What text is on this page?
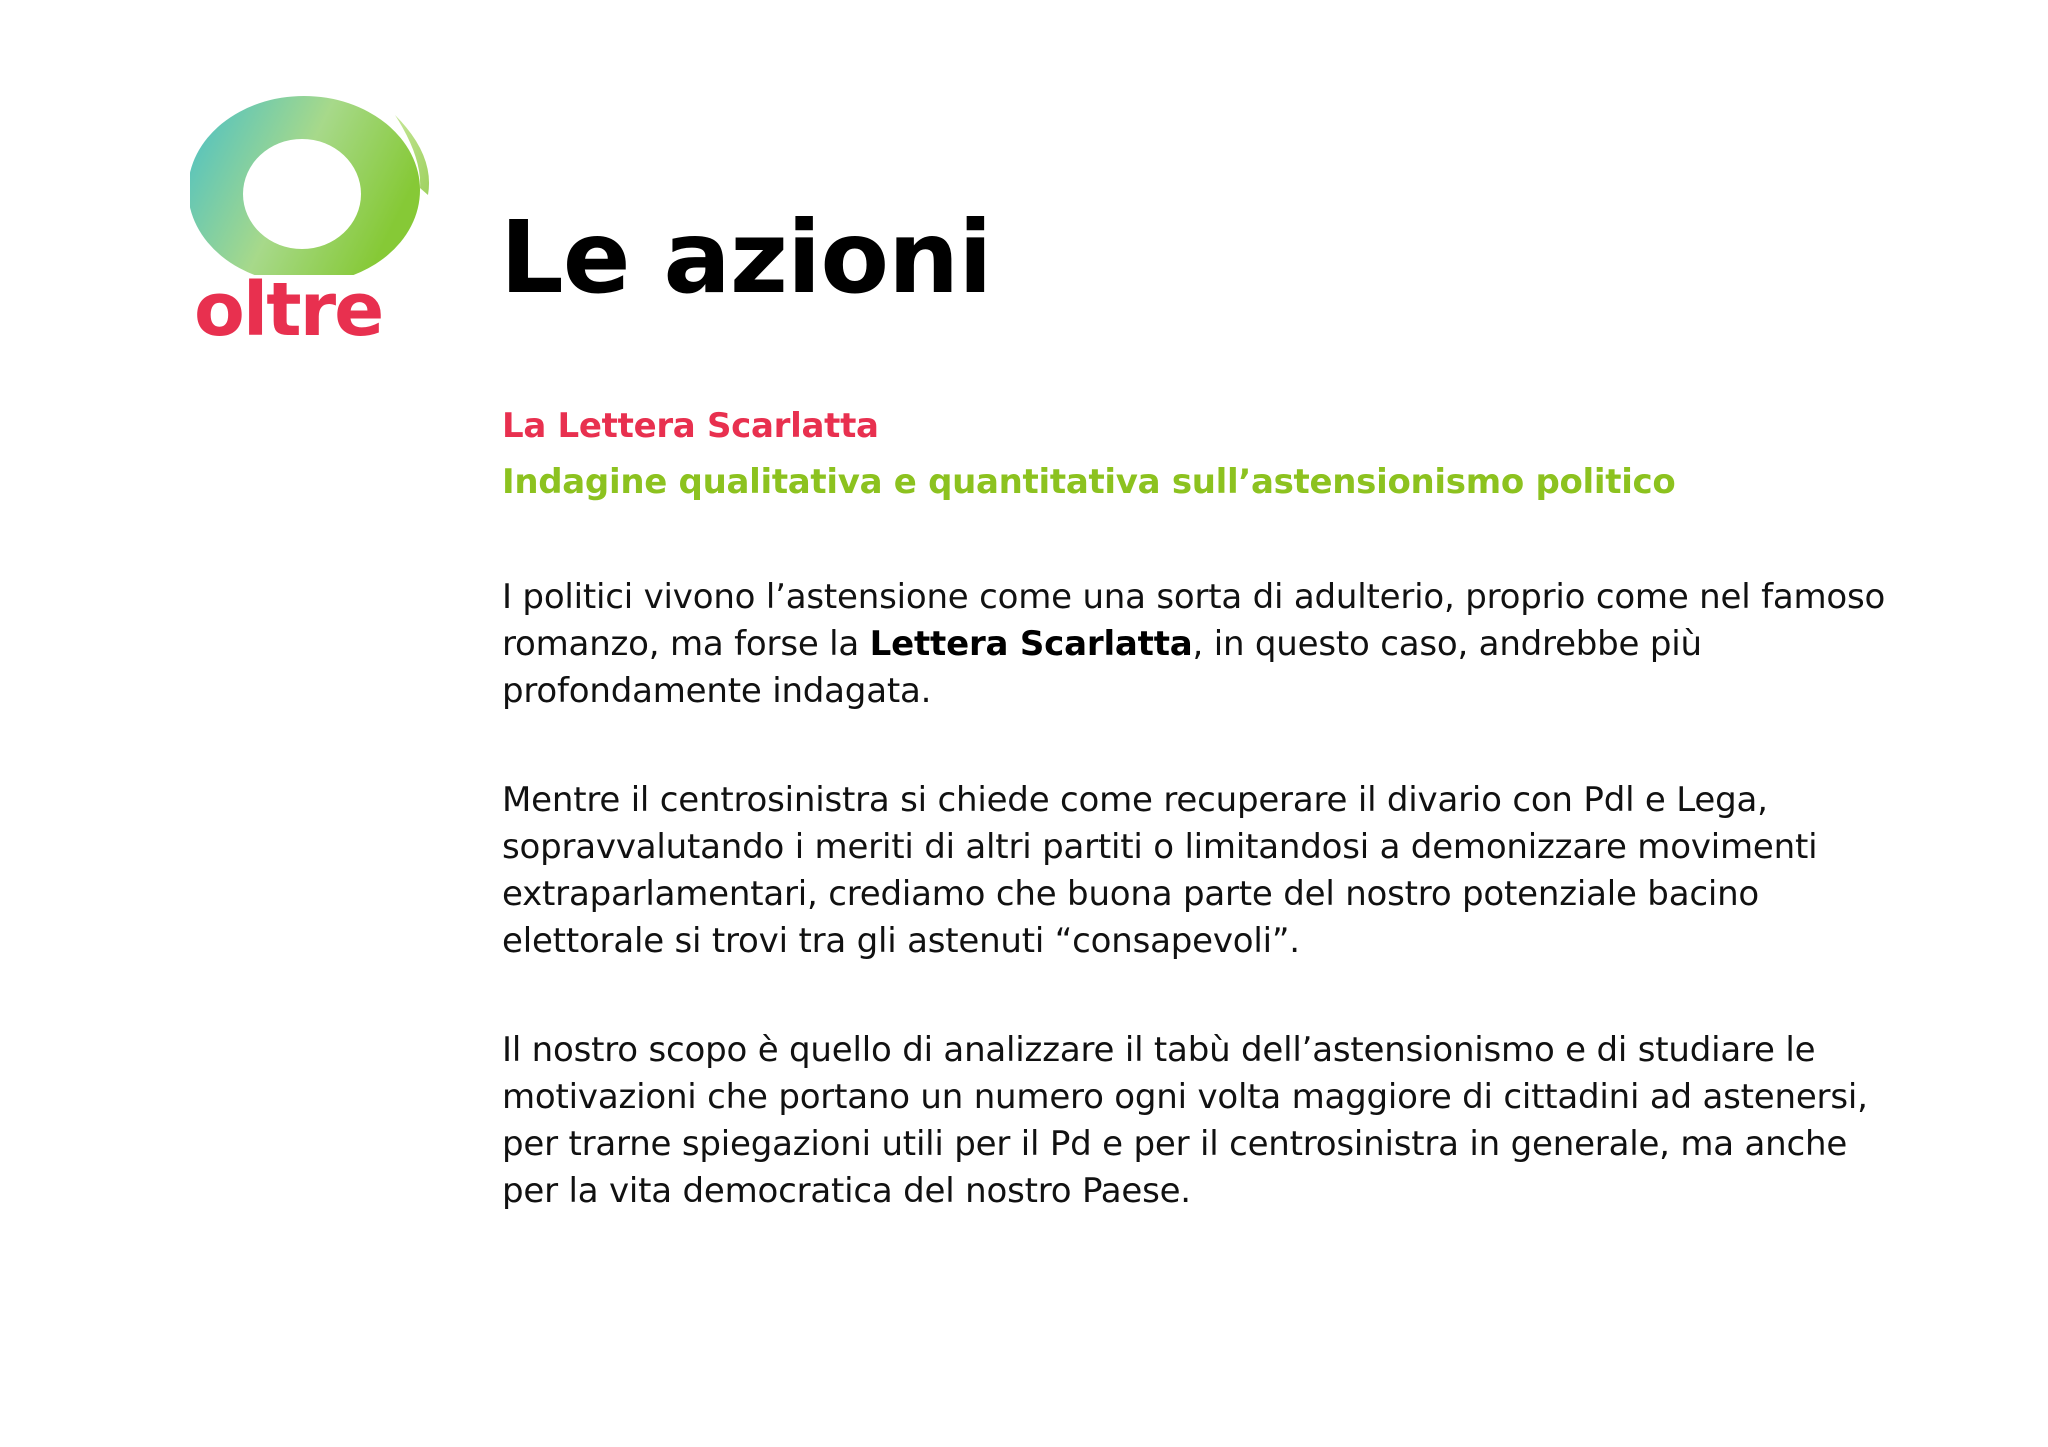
oltre Le azioni

La Lettera Scarlatta

Indagine qualitativa e quantitativa sull’astensionismo politico

I politici vivono l’astensione come una sorta di adulterio, proprio come nel famoso romanzo, ma forse la Lettera Scarlatta, in questo caso, andrebbe più profondamente indagata.

Mentre il centrosinistra si chiede come recuperare il divario con Pdl e Lega, sopravvalutando i meriti di altri partiti o limitandosi a demonizzare movimenti extraparlamentari, crediamo che buona parte del nostro potenziale bacino elettorale si trovi tra gli astenuti “consapevoli”.

Il nostro scopo è quello di analizzare il tabù dell’astensionismo e di studiare le motivazioni che portano un numero ogni volta maggiore di cittadini ad astenersi, per trarne spiegazioni utili per il Pd e per il centrosinistra in generale, ma anche per la vita democratica del nostro Paese.
